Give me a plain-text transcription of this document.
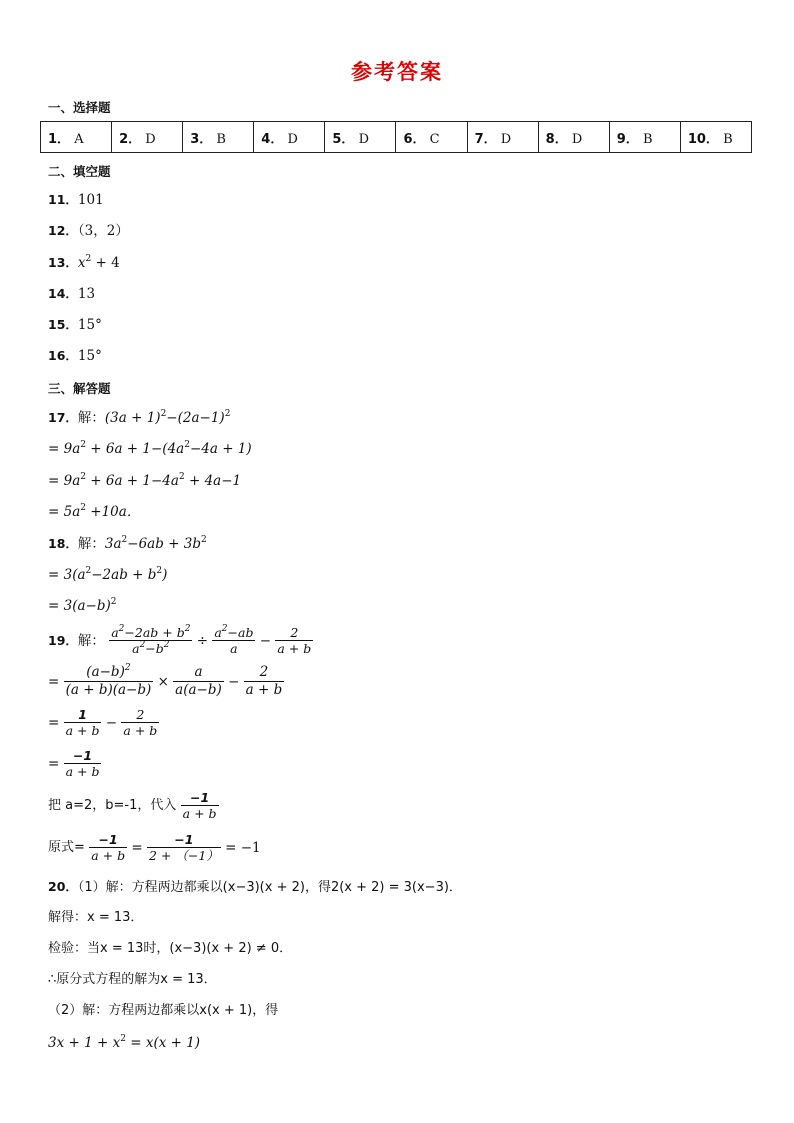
参考答案
一、选择题
1． A	2． D	3． B	4． D	5． D	6． C	7． D	8． D	9． B	10． B
二、填空题
11．101
12．（3，2）
13．$x^2 + 4$
14．13
15．15°
16．15°
三、解答题
17．解：$(3a + 1)^2-(2a-1)^2$
= $9a^2 + 6a + 1-(4a^2-4a + 1)$
= $9a^2 + 6a + 1-4a^2 + 4a-1$
= $5a^2 +10a$．
18．解：$3a^2-6ab + 3b^2$
= $3(a^2-2ab + b^2)$
= $3(a-b)^2$
19．解： $\frac{a^2-2ab + b^2}{a^2-b^2} \div \frac{a^2-ab}{a} - \frac{2}{a + b}$
= $\frac{(a-b)^2}{(a + b)(a-b)} \times \frac{a}{a(a-b)} - \frac{2}{a + b}$
= $\frac{1}{a + b} - \frac{2}{a + b}$
= $\frac{-1}{a + b}$
把 a=2，b=-1，代入 $\frac{-1}{a + b}$
原式= $\frac{-1}{a + b} = \frac{-1}{2 + (-1)} = -1$
20．（1）解：方程两边都乘以(x−3)(x + 2)，得2(x + 2) = 3(x−3)．
解得：x = 13．
检验：当x = 13时，(x−3)(x + 2) ≠ 0．
∴原分式方程的解为x = 13．
（2）解：方程两边都乘以x(x + 1)，得
$3x + 1 + x^2 = x(x + 1)$
